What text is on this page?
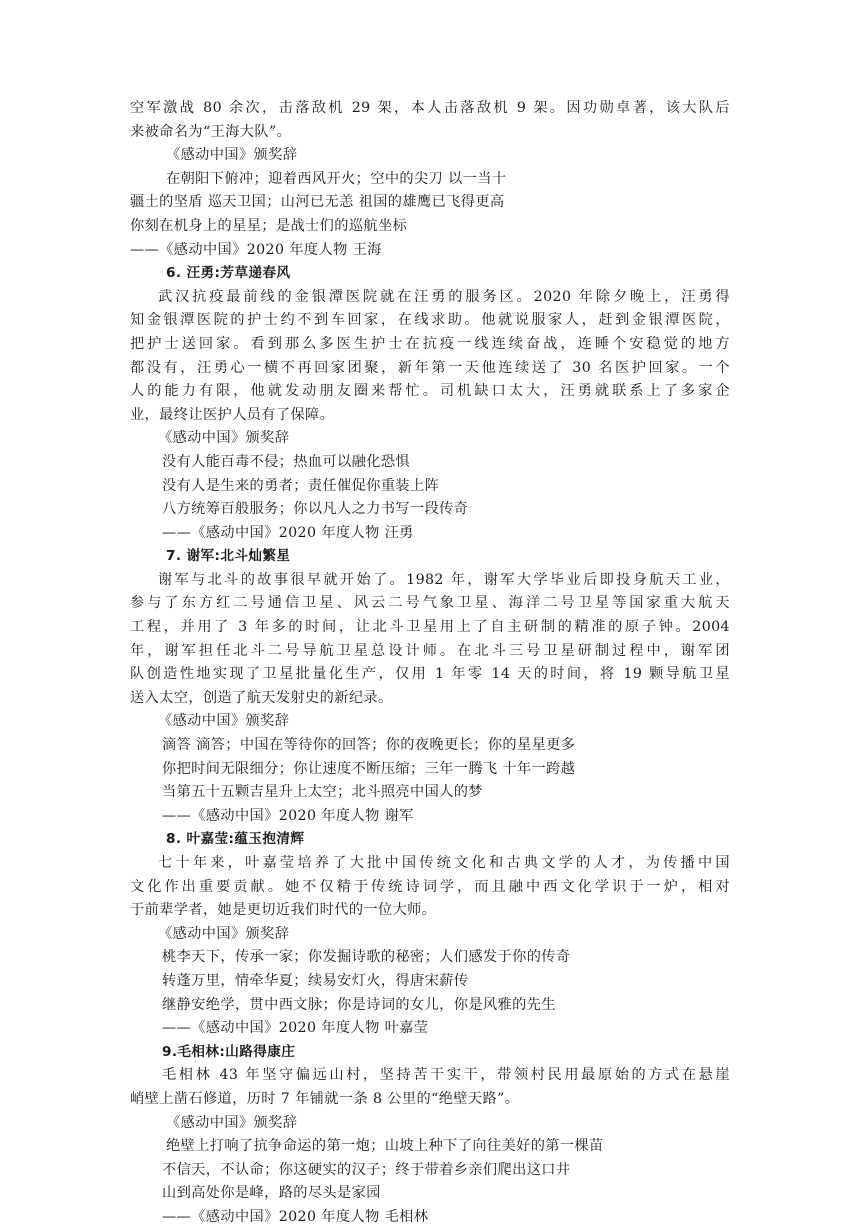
空军激战 80 余次，击落敌机 29 架，本人击落敌机 9 架。因功勋卓著，该大队后
来被命名为“王海大队”。
《感动中国》颁奖辞
在朝阳下俯冲；迎着西风开火；空中的尖刀 以一当十
疆土的坚盾 巡天卫国；山河已无恙 祖国的雄鹰已飞得更高
你刻在机身上的星星；是战士们的巡航坐标
——《感动中国》2020 年度人物 王海
6. 汪勇:芳草递春风
武汉抗疫最前线的金银潭医院就在汪勇的服务区。2020 年除夕晚上，汪勇得
知金银潭医院的护士约不到车回家，在线求助。他就说服家人，赶到金银潭医院，
把护士送回家。看到那么多医生护士在抗疫一线连续奋战，连睡个安稳觉的地方
都没有，汪勇心一横不再回家团聚，新年第一天他连续送了 30 名医护回家。一个
人的能力有限，他就发动朋友圈来帮忙。司机缺口太大，汪勇就联系上了多家企
业，最终让医护人员有了保障。
《感动中国》颁奖辞
没有人能百毒不侵；热血可以融化恐惧
没有人是生来的勇者；责任催促你重装上阵
八方统筹百般服务；你以凡人之力书写一段传奇
——《感动中国》2020 年度人物 汪勇
7. 谢军:北斗灿繁星
谢军与北斗的故事很早就开始了。1982 年，谢军大学毕业后即投身航天工业，
参与了东方红二号通信卫星、风云二号气象卫星、海洋二号卫星等国家重大航天
工程，并用了 3 年多的时间，让北斗卫星用上了自主研制的精准的原子钟。2004
年，谢军担任北斗二号导航卫星总设计师。在北斗三号卫星研制过程中，谢军团
队创造性地实现了卫星批量化生产，仅用 1 年零 14 天的时间，将 19 颗导航卫星
送入太空，创造了航天发射史的新纪录。
《感动中国》颁奖辞
滴答 滴答；中国在等待你的回答；你的夜晚更长；你的星星更多
你把时间无限细分；你让速度不断压缩；三年一腾飞 十年一跨越
当第五十五颗吉星升上太空；北斗照亮中国人的梦
——《感动中国》2020 年度人物 谢军
8. 叶嘉莹:蕴玉抱清辉
七十年来，叶嘉莹培养了大批中国传统文化和古典文学的人才，为传播中国
文化作出重要贡献。她不仅精于传统诗词学，而且融中西文化学识于一炉，相对
于前辈学者，她是更切近我们时代的一位大师。
《感动中国》颁奖辞
桃李天下，传承一家；你发掘诗歌的秘密；人们感发于你的传奇
转蓬万里，情牵华夏；续易安灯火，得唐宋薪传
继静安绝学，贯中西文脉；你是诗词的女儿，你是风雅的先生
——《感动中国》2020 年度人物 叶嘉莹
9.毛相林:山路得康庄
毛相林 43 年坚守偏远山村，坚持苦干实干，带领村民用最原始的方式在悬崖
峭壁上凿石修道，历时 7 年铺就一条 8 公里的“绝壁天路”。
《感动中国》颁奖辞
绝壁上打响了抗争命运的第一炮；山坡上种下了向往美好的第一棵苗
不信天，不认命；你这硬实的汉子；终于带着乡亲们爬出这口井
山到高处你是峰，路的尽头是家园
——《感动中国》2020 年度人物 毛相林
